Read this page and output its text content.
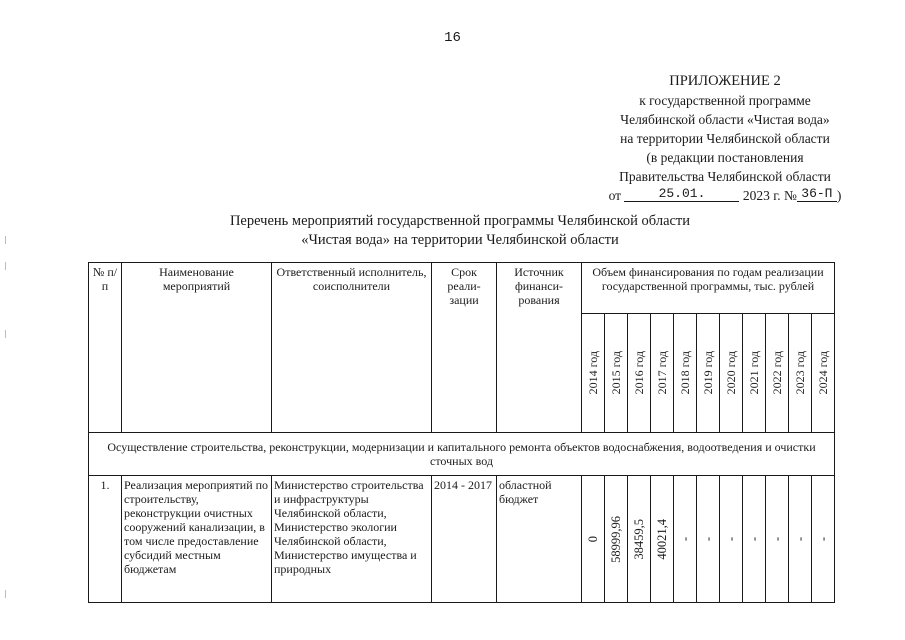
16
ПРИЛОЖЕНИЕ 2
к государственной программе
Челябинской области «Чистая вода»
на территории Челябинской области
(в редакции постановления
Правительства Челябинской области
от	25.01.	2023 г. № 36-П )
Перечень мероприятий государственной программы Челябинской области
«Чистая вода» на территории Челябинской области
№ п/п	Наименование мероприятий	Ответственный исполнитель, соисполнители	Срок реали-зации	Источник финанси-рования	Объем финансирования по годам реализации государственной программы, тыс. рублей										

					2014 год	2015 год	2016 год	2017 год	2018 год	2019 год	2020 год	2021 год	2022 год	2023 год	2024 год

Осуществление строительства, реконструкции, модернизации и капитального ремонта объектов водоснабжения, водоотведения и очистки сточных вод															
1.	Реализация мероприятий по строительству, реконструкции очистных сооружений канализации, в том числе предоставление субсидий местным бюджетам	Министерство строительства и инфраструктуры Челябинской области, Министерство экологии Челябинской области, Министерство имущества и природных	2014 - 2017	областной бюджет	0	58999,96	38459,5	40021,4	-	-	-	-	-	-	-
